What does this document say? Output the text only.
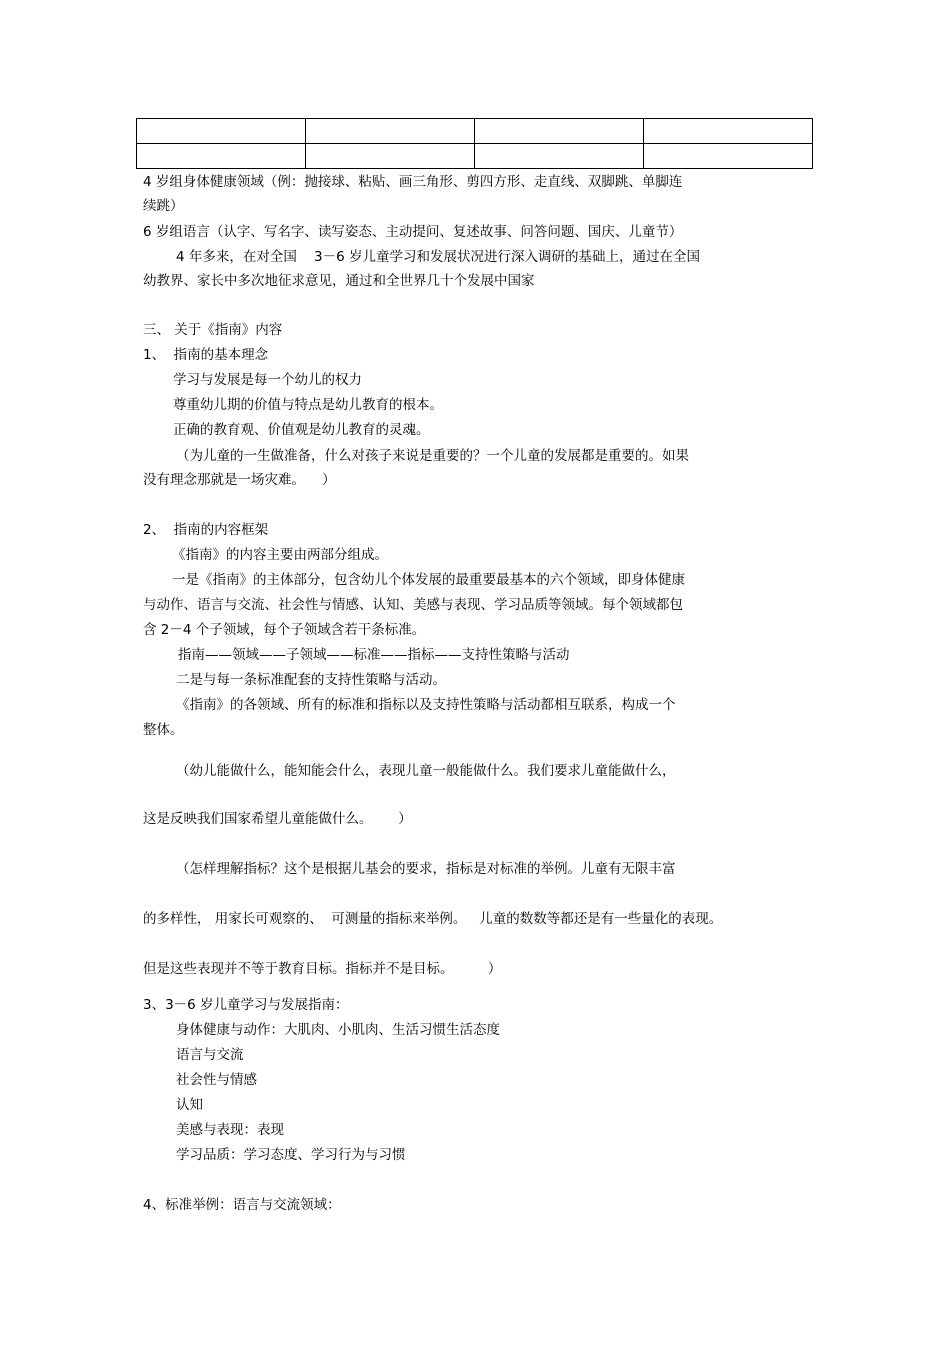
4 岁组身体健康领域（例：抛接球、粘贴、画三角形、剪四方形、走直线、双脚跳、单脚连

续跳）

6 岁组语言（认字、写名字、读写姿态、主动提问、复述故事、问答问题、国庆、儿童节）

4 年多来，在对全国    3－6 岁儿童学习和发展状况进行深入调研的基础上，通过在全国

幼教界、家长中多次地征求意见，通过和全世界几十个发展中国家

三、 关于《指南》内容

1、  指南的基本理念

学习与发展是每一个幼儿的权力

尊重幼儿期的价值与特点是幼儿教育的根本。

正确的教育观、价值观是幼儿教育的灵魂。

（为儿童的一生做准备，什么对孩子来说是重要的？一个儿童的发展都是重要的。如果

没有理念那就是一场灾难。    ）

2、  指南的内容框架

《指南》的内容主要由两部分组成。

一是《指南》的主体部分，包含幼儿个体发展的最重要最基本的六个领域，即身体健康

与动作、语言与交流、社会性与情感、认知、美感与表现、学习品质等领域。每个领域都包

含 2－4 个子领域，每个子领域含若干条标准。

指南——领域——子领域——标准——指标——支持性策略与活动

二是与每一条标准配套的支持性策略与活动。

《指南》的各领域、所有的标准和指标以及支持性策略与活动都相互联系，构成一个

整体。

（幼儿能做什么，能知能会什么，表现儿童一般能做什么。我们要求儿童能做什么，

这是反映我们国家希望儿童能做什么。      ）

（怎样理解指标？这个是根据儿基会的要求，指标是对标准的举例。儿童有无限丰富

的多样性， 用家长可观察的、  可测量的指标来举例。   儿童的数数等都还是有一些量化的表现。

但是这些表现并不等于教育目标。指标并不是目标。        ）

3、3－6 岁儿童学习与发展指南：

身体健康与动作：大肌肉、小肌肉、生活习惯生活态度

语言与交流

社会性与情感

认知

美感与表现：表现

学习品质：学习态度、学习行为与习惯

4、标准举例：语言与交流领域：
